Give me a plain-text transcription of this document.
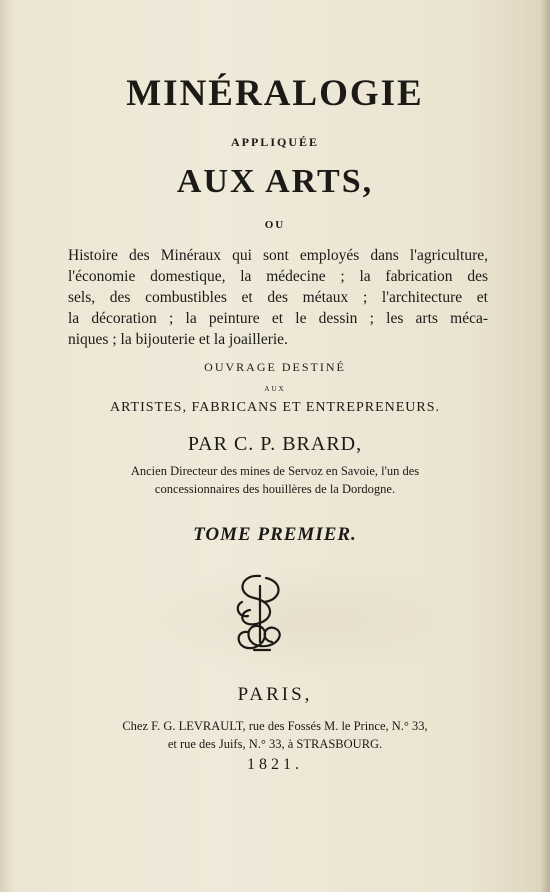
MINÉRALOGIE
APPLIQUÉE
AUX ARTS,
OU
Histoire des Minéraux qui sont employés dans l'agriculture,
l'économie domestique, la médecine ; la fabrication des
sels, des combustibles et des métaux ; l'architecture et
la décoration ; la peinture et le dessin ; les arts méca-
niques ; la bijouterie et la joaillerie.
OUVRAGE DESTINÉ
AUX
ARTISTES, FABRICANS ET ENTREPRENEURS.
PAR C. P. BRARD,
Ancien Directeur des mines de Servoz en Savoie, l'un des
concessionnaires des houillères de la Dordogne.
TOME PREMIER.
PARIS,
Chez F. G. LEVRAULT, rue des Fossés M. le Prince, N.° 33,
et rue des Juifs, N.° 33, à STRASBOURG.
1821.
